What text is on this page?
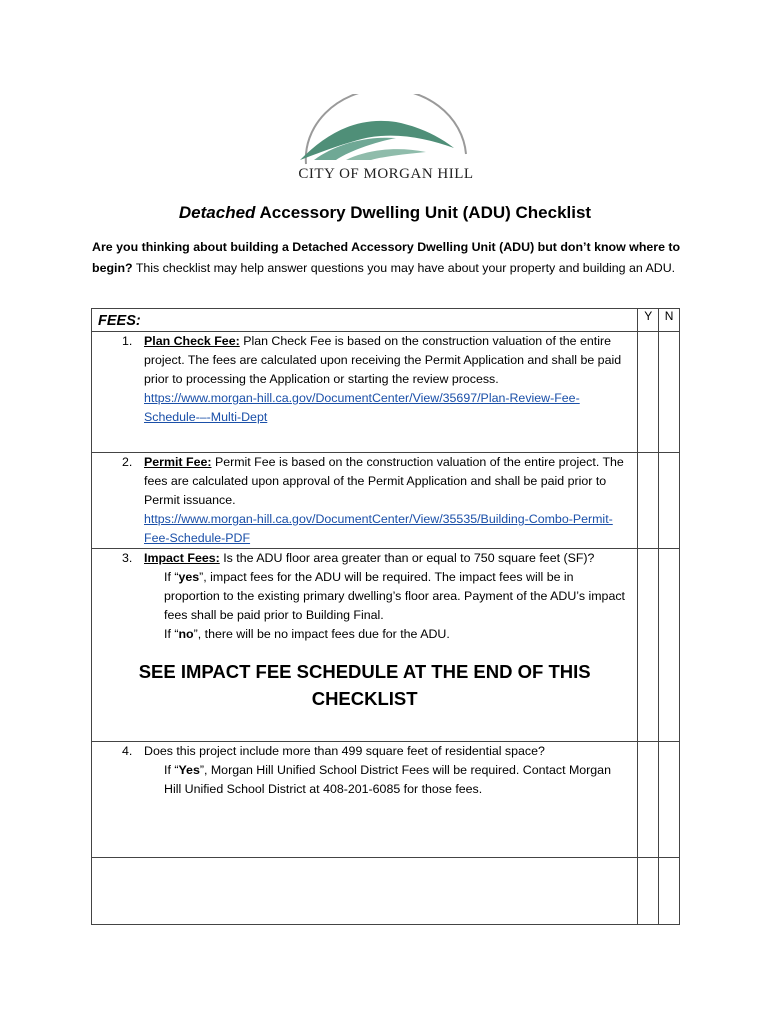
CITY OF MORGAN HILL
Detached Accessory Dwelling Unit (ADU) Checklist
Are you thinking about building a Detached Accessory Dwelling Unit (ADU) but don’t know where to begin? This checklist may help answer questions you may have about your property and building an ADU.
FEES:	Y	N

1. Plan Check Fee: Plan Check Fee is based on the construction valuation of the entire project. The fees are calculated upon receiving the Permit Application and shall be paid prior to processing the Application or starting the review process.
https://www.morgan-hill.ca.gov/DocumentCenter/View/35697/Plan-Review-Fee-Schedule-–-Multi-Dept		

2. Permit Fee: Permit Fee is based on the construction valuation of the entire project. The fees are calculated upon approval of the Permit Application and shall be paid prior to Permit issuance.
https://www.morgan-hill.ca.gov/DocumentCenter/View/35535/Building-Combo-Permit-Fee-Schedule-PDF		

3. Impact Fees: Is the ADU floor area greater than or equal to 750 square feet (SF)?
If “yes”, impact fees for the ADU will be required. The impact fees will be in proportion to the existing primary dwelling’s floor area. Payment of the ADU’s impact fees shall be paid prior to Building Final.
If “no”, there will be no impact fees due for the ADU.
SEE IMPACT FEE SCHEDULE AT THE END OF THIS CHECKLIST		

4. Does this project include more than 499 square feet of residential space?
If “Yes”, Morgan Hill Unified School District Fees will be required. Contact Morgan Hill Unified School District at 408-201-6085 for those fees.		
